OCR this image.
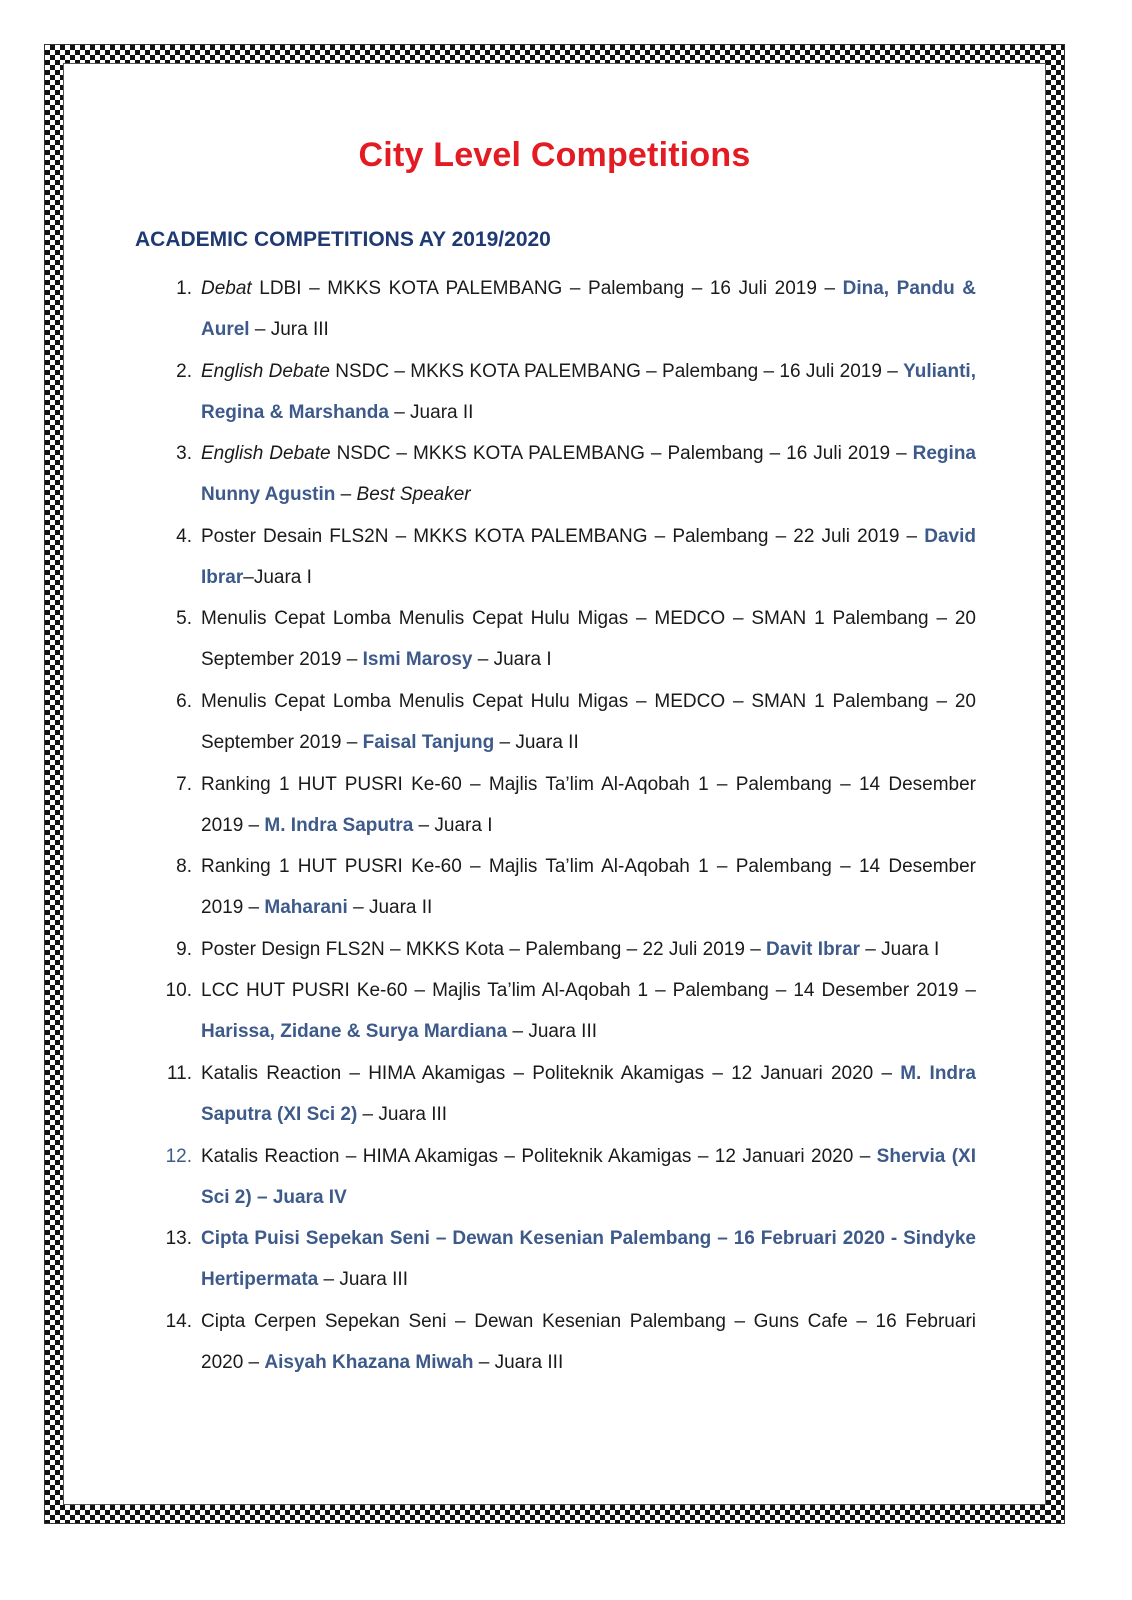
City Level Competitions
ACADEMIC COMPETITIONS AY 2019/2020
1. Debat LDBI – MKKS KOTA PALEMBANG – Palembang – 16 Juli 2019 – Dina, Pandu & Aurel – Jura III
2. English Debate NSDC – MKKS KOTA PALEMBANG – Palembang – 16 Juli 2019 – Yulianti, Regina & Marshanda – Juara II
3. English Debate NSDC – MKKS KOTA PALEMBANG – Palembang – 16 Juli 2019 – Regina Nunny Agustin – Best Speaker
4. Poster Desain FLS2N – MKKS KOTA PALEMBANG – Palembang – 22 Juli 2019 – David Ibrar–Juara I
5. Menulis Cepat Lomba Menulis Cepat Hulu Migas – MEDCO – SMAN 1 Palembang – 20 September 2019 – Ismi Marosy – Juara I
6. Menulis Cepat Lomba Menulis Cepat Hulu Migas – MEDCO – SMAN 1 Palembang – 20 September 2019 – Faisal Tanjung – Juara II
7. Ranking 1 HUT PUSRI Ke-60 – Majlis Ta’lim Al-Aqobah 1 – Palembang – 14 Desember 2019 – M. Indra Saputra – Juara I
8. Ranking 1 HUT PUSRI Ke-60 – Majlis Ta’lim Al-Aqobah 1 – Palembang – 14 Desember 2019 – Maharani – Juara II
9. Poster Design FLS2N – MKKS Kota – Palembang – 22 Juli 2019 – Davit Ibrar – Juara I
10. LCC HUT PUSRI Ke-60 – Majlis Ta’lim Al-Aqobah 1 – Palembang – 14 Desember 2019 – Harissa, Zidane & Surya Mardiana – Juara III
11. Katalis Reaction – HIMA Akamigas – Politeknik Akamigas – 12 Januari 2020 – M. Indra Saputra (XI Sci 2) – Juara III
12. Katalis Reaction – HIMA Akamigas – Politeknik Akamigas – 12 Januari 2020 – Shervia (XI Sci 2) – Juara IV
13. Cipta Puisi Sepekan Seni – Dewan Kesenian Palembang – 16 Februari 2020 - Sindyke Hertipermata – Juara III
14. Cipta Cerpen Sepekan Seni – Dewan Kesenian Palembang – Guns Cafe – 16 Februari 2020 – Aisyah Khazana Miwah – Juara III
